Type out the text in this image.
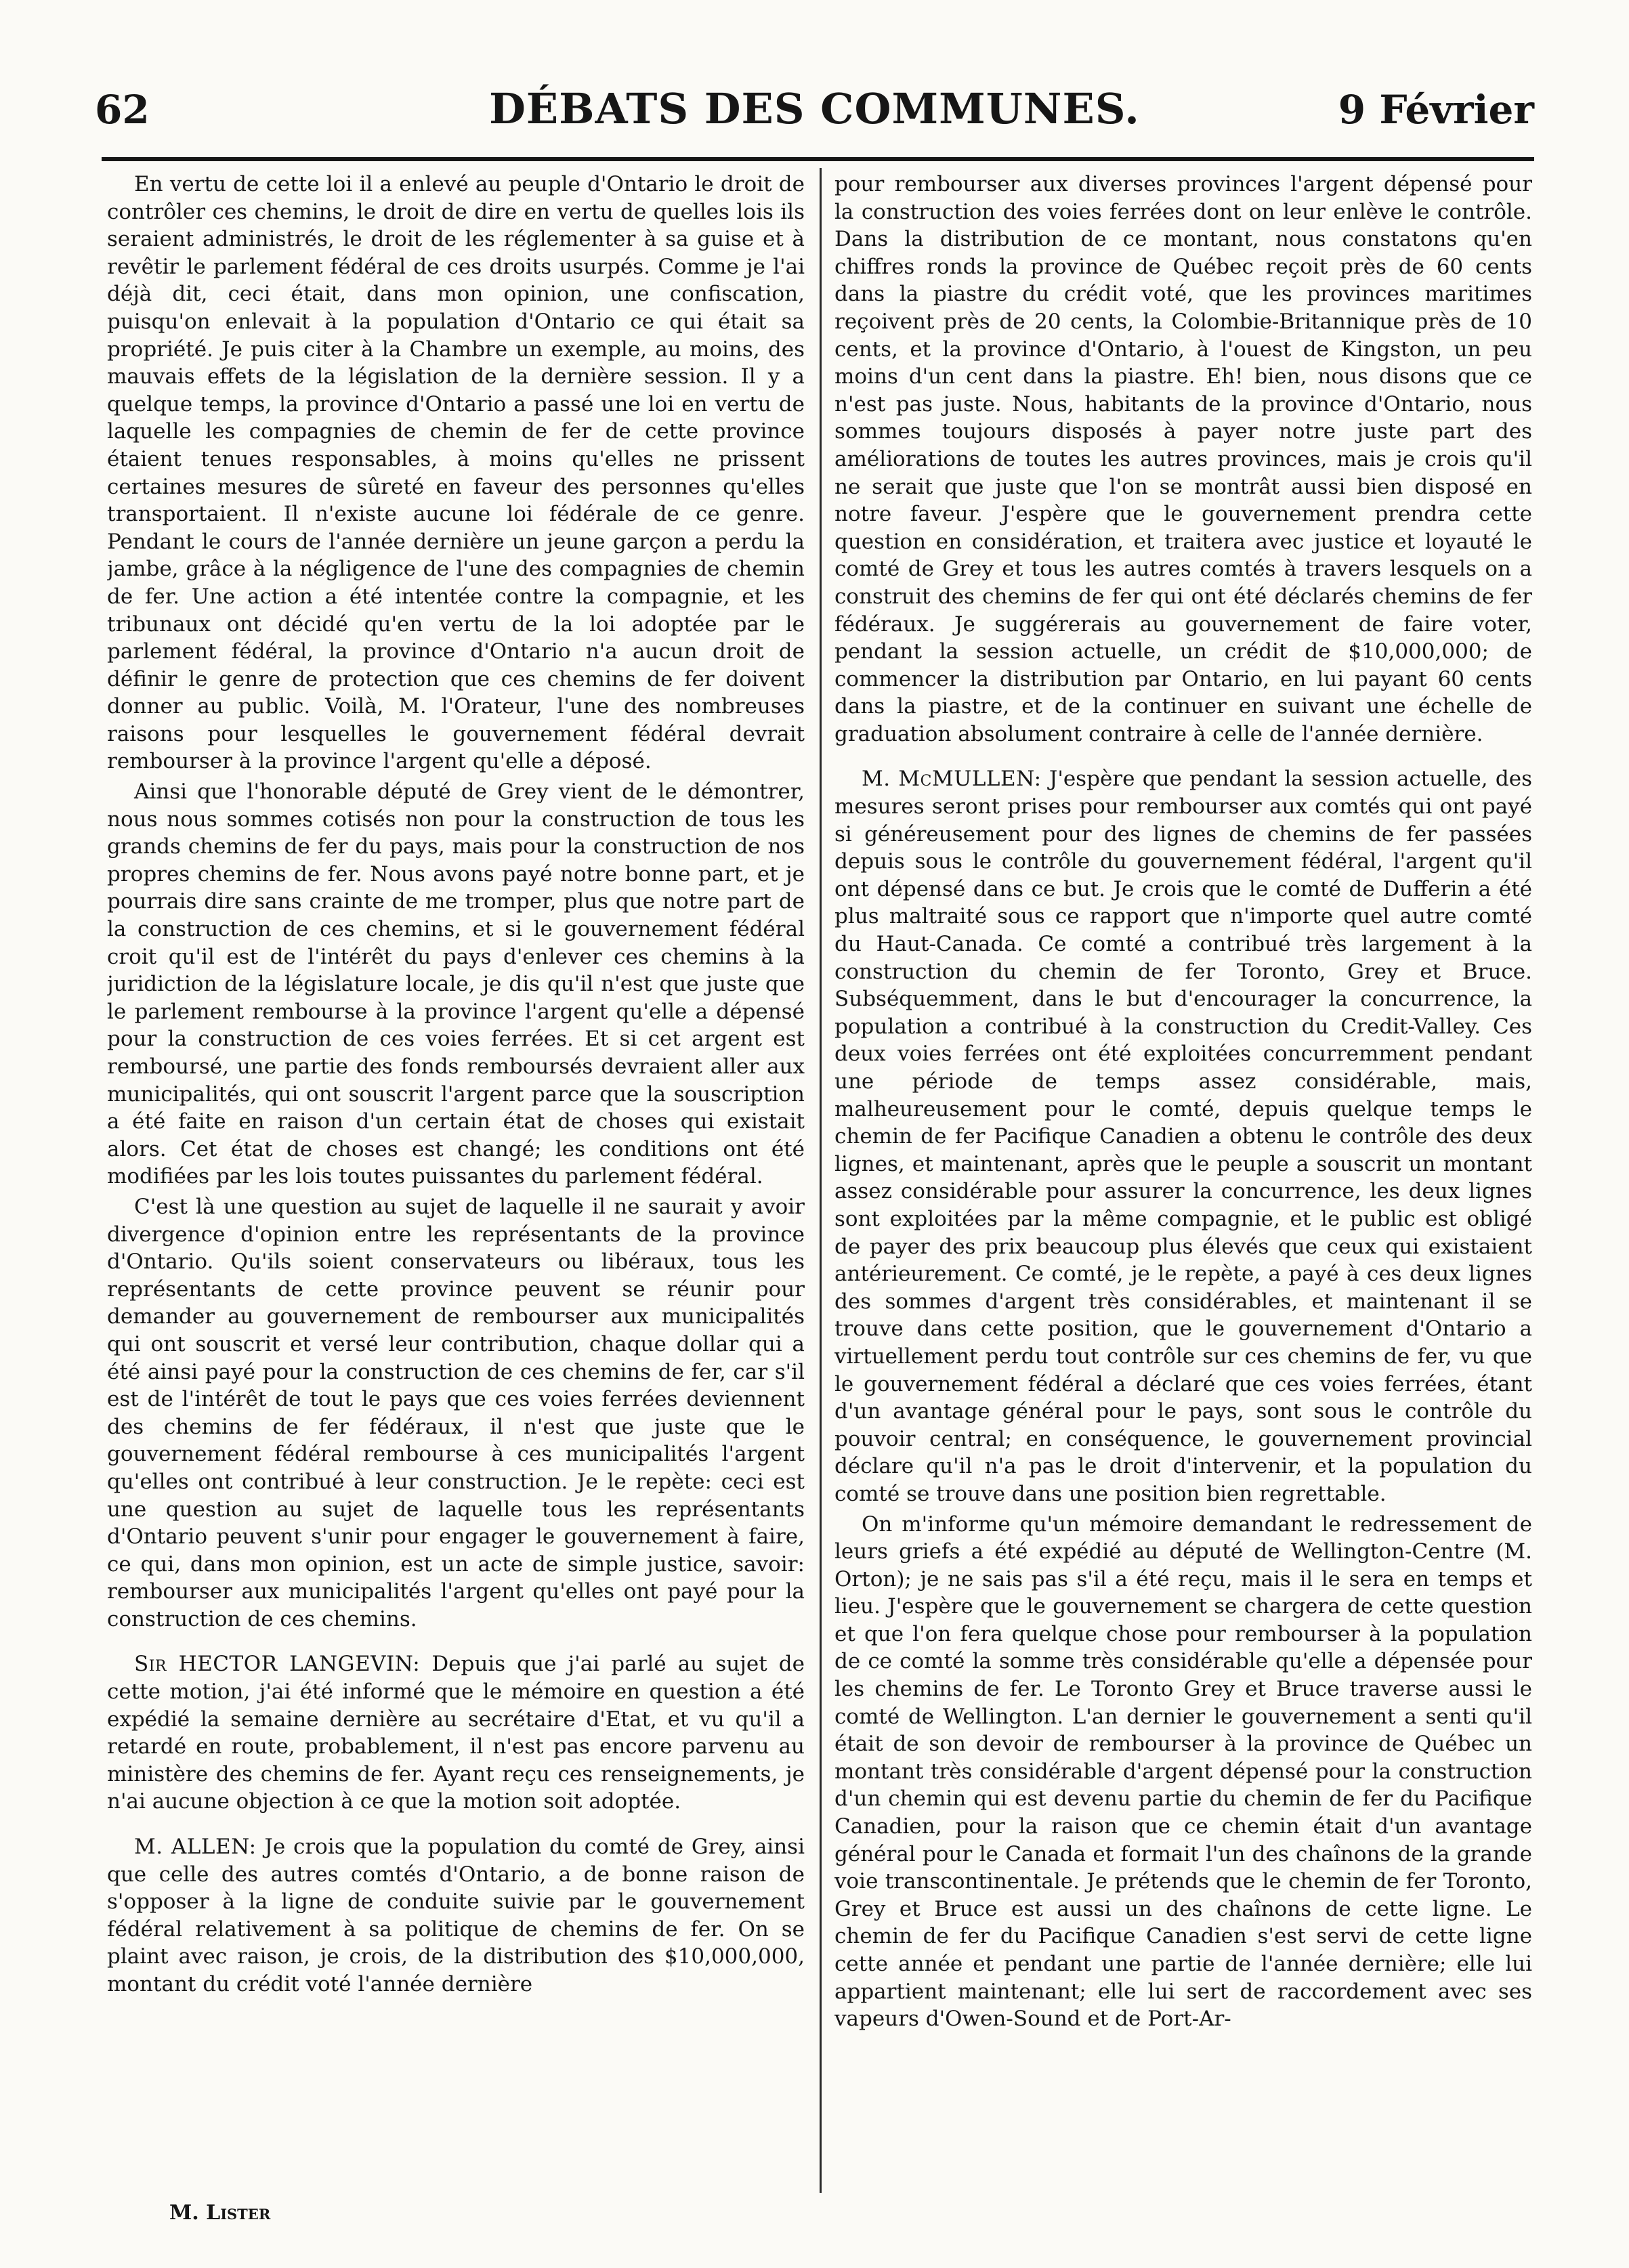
62	DÉBATS DES COMMUNES.	9 Février

En vertu de cette loi il a enlevé au peuple d'Ontario le droit de contrôler ces chemins, le droit de dire en vertu de quelles lois ils seraient administrés, le droit de les réglementer à sa guise et à revêtir le parlement fédéral de ces droits usurpés. Comme je l'ai déjà dit, ceci était, dans mon opinion, une confiscation, puisqu'on enlevait à la population d'Ontario ce qui était sa propriété. Je puis citer à la Chambre un exemple, au moins, des mauvais effets de la législation de la dernière session. Il y a quelque temps, la province d'Ontario a passé une loi en vertu de laquelle les compagnies de chemin de fer de cette province étaient tenues responsables, à moins qu'elles ne prissent certaines mesures de sûreté en faveur des personnes qu'elles transportaient. Il n'existe aucune loi fédérale de ce genre. Pendant le cours de l'année dernière un jeune garçon a perdu la jambe, grâce à la négligence de l'une des compagnies de chemin de fer. Une action a été intentée contre la compagnie, et les tribunaux ont décidé qu'en vertu de la loi adoptée par le parlement fédéral, la province d'Ontario n'a aucun droit de définir le genre de protection que ces chemins de fer doivent donner au public. Voilà, M. l'Orateur, l'une des nombreuses raisons pour lesquelles le gouvernement fédéral devrait rembourser à la province l'argent qu'elle a déposé.

Ainsi que l'honorable député de Grey vient de le démontrer, nous nous sommes cotisés non pour la construction de tous les grands chemins de fer du pays, mais pour la construction de nos propres chemins de fer. Nous avons payé notre bonne part, et je pourrais dire sans crainte de me tromper, plus que notre part de la construction de ces chemins, et si le gouvernement fédéral croit qu'il est de l'intérêt du pays d'enlever ces chemins à la juridiction de la législature locale, je dis qu'il n'est que juste que le parlement rembourse à la province l'argent qu'elle a dépensé pour la construction de ces voies ferrées. Et si cet argent est remboursé, une partie des fonds remboursés devraient aller aux municipalités, qui ont souscrit l'argent parce que la souscription a été faite en raison d'un certain état de choses qui existait alors. Cet état de choses est changé; les conditions ont été modifiées par les lois toutes puissantes du parlement fédéral.

C'est là une question au sujet de laquelle il ne saurait y avoir divergence d'opinion entre les représentants de la province d'Ontario. Qu'ils soient conservateurs ou libéraux, tous les représentants de cette province peuvent se réunir pour demander au gouvernement de rembourser aux municipalités qui ont souscrit et versé leur contribution, chaque dollar qui a été ainsi payé pour la construction de ces chemins de fer, car s'il est de l'intérêt de tout le pays que ces voies ferrées deviennent des chemins de fer fédéraux, il n'est que juste que le gouvernement fédéral rembourse à ces municipalités l'argent qu'elles ont contribué à leur construction. Je le repète: ceci est une question au sujet de laquelle tous les représentants d'Ontario peuvent s'unir pour engager le gouvernement à faire, ce qui, dans mon opinion, est un acte de simple justice, savoir: rembourser aux municipalités l'argent qu'elles ont payé pour la construction de ces chemins.

Sir HECTOR LANGEVIN: Depuis que j'ai parlé au sujet de cette motion, j'ai été informé que le mémoire en question a été expédié la semaine dernière au secrétaire d'Etat, et vu qu'il a retardé en route, probablement, il n'est pas encore parvenu au ministère des chemins de fer. Ayant reçu ces renseignements, je n'ai aucune objection à ce que la motion soit adoptée.

M. ALLEN: Je crois que la population du comté de Grey, ainsi que celle des autres comtés d'Ontario, a de bonne raison de s'opposer à la ligne de conduite suivie par le gouvernement fédéral relativement à sa politique de chemins de fer. On se plaint avec raison, je crois, de la distribution des $10,000,000, montant du crédit voté l'année dernière

pour rembourser aux diverses provinces l'argent dépensé pour la construction des voies ferrées dont on leur enlève le contrôle. Dans la distribution de ce montant, nous constatons qu'en chiffres ronds la province de Québec reçoit près de 60 cents dans la piastre du crédit voté, que les provinces maritimes reçoivent près de 20 cents, la Colombie-Britannique près de 10 cents, et la province d'Ontario, à l'ouest de Kingston, un peu moins d'un cent dans la piastre. Eh! bien, nous disons que ce n'est pas juste. Nous, habitants de la province d'Ontario, nous sommes toujours disposés à payer notre juste part des améliorations de toutes les autres provinces, mais je crois qu'il ne serait que juste que l'on se montrât aussi bien disposé en notre faveur. J'espère que le gouvernement prendra cette question en considération, et traitera avec justice et loyauté le comté de Grey et tous les autres comtés à travers lesquels on a construit des chemins de fer qui ont été déclarés chemins de fer fédéraux. Je suggérerais au gouvernement de faire voter, pendant la session actuelle, un crédit de $10,000,000; de commencer la distribution par Ontario, en lui payant 60 cents dans la piastre, et de la continuer en suivant une échelle de graduation absolument contraire à celle de l'année dernière.

M. McMULLEN: J'espère que pendant la session actuelle, des mesures seront prises pour rembourser aux comtés qui ont payé si généreusement pour des lignes de chemins de fer passées depuis sous le contrôle du gouvernement fédéral, l'argent qu'il ont dépensé dans ce but. Je crois que le comté de Dufferin a été plus maltraité sous ce rapport que n'importe quel autre comté du Haut-Canada. Ce comté a contribué très largement à la construction du chemin de fer Toronto, Grey et Bruce. Subséquemment, dans le but d'encourager la concurrence, la population a contribué à la construction du Credit-Valley. Ces deux voies ferrées ont été exploitées concurremment pendant une période de temps assez considérable, mais, malheureusement pour le comté, depuis quelque temps le chemin de fer Pacifique Canadien a obtenu le contrôle des deux lignes, et maintenant, après que le peuple a souscrit un montant assez considérable pour assurer la concurrence, les deux lignes sont exploitées par la même compagnie, et le public est obligé de payer des prix beaucoup plus élevés que ceux qui existaient antérieurement. Ce comté, je le repète, a payé à ces deux lignes des sommes d'argent très considérables, et maintenant il se trouve dans cette position, que le gouvernement d'Ontario a virtuellement perdu tout contrôle sur ces chemins de fer, vu que le gouvernement fédéral a déclaré que ces voies ferrées, étant d'un avantage général pour le pays, sont sous le contrôle du pouvoir central; en conséquence, le gouvernement provincial déclare qu'il n'a pas le droit d'intervenir, et la population du comté se trouve dans une position bien regrettable.

On m'informe qu'un mémoire demandant le redressement de leurs griefs a été expédié au député de Wellington-Centre (M. Orton); je ne sais pas s'il a été reçu, mais il le sera en temps et lieu. J'espère que le gouvernement se chargera de cette question et que l'on fera quelque chose pour rembourser à la population de ce comté la somme très considérable qu'elle a dépensée pour les chemins de fer. Le Toronto Grey et Bruce traverse aussi le comté de Wellington. L'an dernier le gouvernement a senti qu'il était de son devoir de rembourser à la province de Québec un montant très considérable d'argent dépensé pour la construction d'un chemin qui est devenu partie du chemin de fer du Pacifique Canadien, pour la raison que ce chemin était d'un avantage général pour le Canada et formait l'un des chaînons de la grande voie transcontinentale. Je prétends que le chemin de fer Toronto, Grey et Bruce est aussi un des chaînons de cette ligne. Le chemin de fer du Pacifique Canadien s'est servi de cette ligne cette année et pendant une partie de l'année dernière; elle lui appartient maintenant; elle lui sert de raccordement avec ses vapeurs d'Owen-Sound et de Port-Ar-

M. Lister
